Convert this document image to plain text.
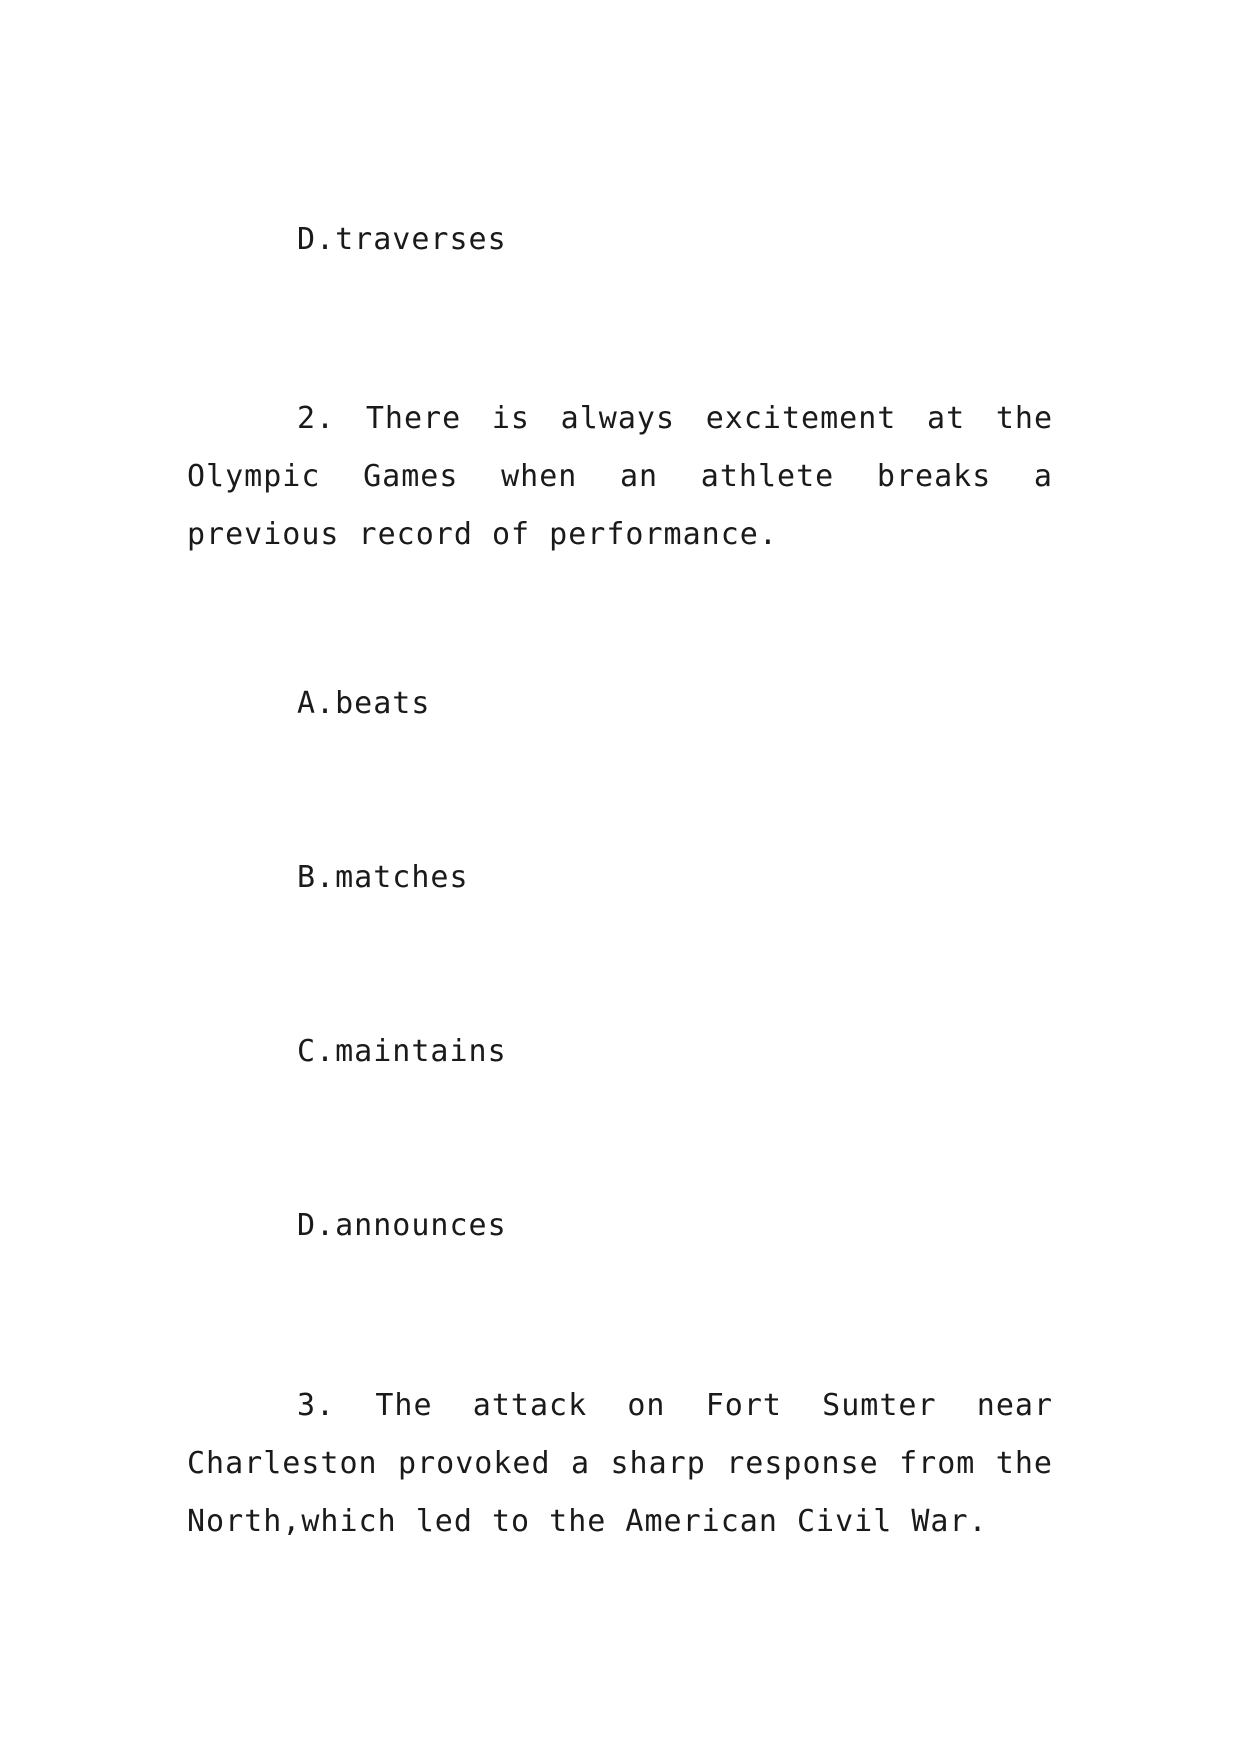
D.traverses
2. There is always excitement at the Olympic Games when an athlete breaks a previous record of performance.
A.beats
B.matches
C.maintains
D.announces
3. The attack on Fort Sumter near Charleston provoked a sharp response from the North,which led to the American Civil War.
